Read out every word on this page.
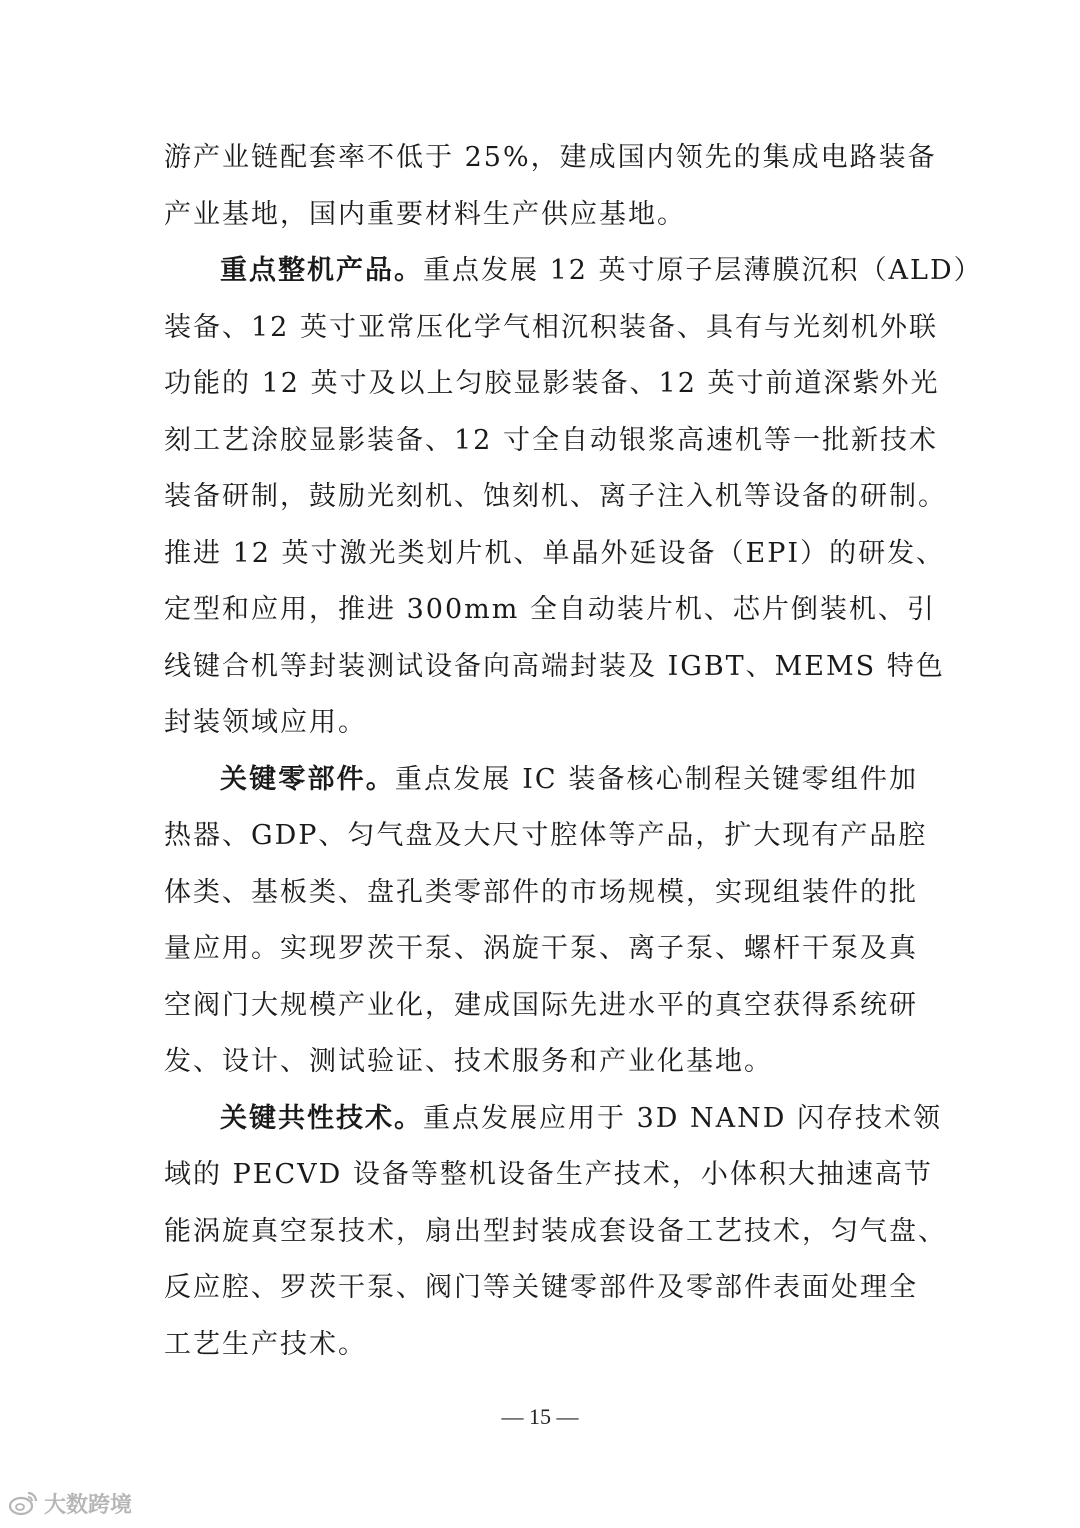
游产业链配套率不低于 25%，建成国内领先的集成电路装备
产业基地，国内重要材料生产供应基地。
重点整机产品。重点发展 12 英寸原子层薄膜沉积（ALD）
装备、12 英寸亚常压化学气相沉积装备、具有与光刻机外联
功能的 12 英寸及以上匀胶显影装备、12 英寸前道深紫外光
刻工艺涂胶显影装备、12 寸全自动银浆高速机等一批新技术
装备研制，鼓励光刻机、蚀刻机、离子注入机等设备的研制。
推进 12 英寸激光类划片机、单晶外延设备（EPI）的研发、
定型和应用，推进 300mm 全自动装片机、芯片倒装机、引
线键合机等封装测试设备向高端封装及 IGBT、MEMS 特色
封装领域应用。
关键零部件。重点发展 IC 装备核心制程关键零组件加
热器、GDP、匀气盘及大尺寸腔体等产品，扩大现有产品腔
体类、基板类、盘孔类零部件的市场规模，实现组装件的批
量应用。实现罗茨干泵、涡旋干泵、离子泵、螺杆干泵及真
空阀门大规模产业化，建成国际先进水平的真空获得系统研
发、设计、测试验证、技术服务和产业化基地。
关键共性技术。重点发展应用于 3D NAND 闪存技术领
域的 PECVD 设备等整机设备生产技术，小体积大抽速高节
能涡旋真空泵技术，扇出型封装成套设备工艺技术，匀气盘、
反应腔、罗茨干泵、阀门等关键零部件及零部件表面处理全
工艺生产技术。
— 15 —
大数跨境
